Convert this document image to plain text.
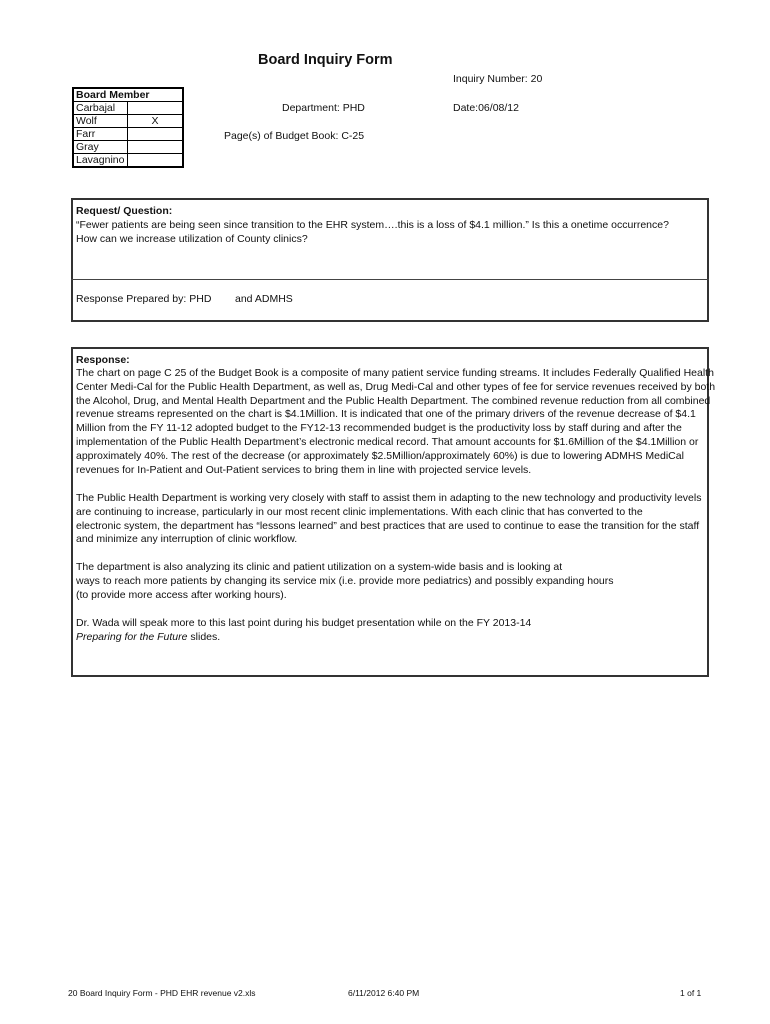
Board Inquiry Form
Inquiry Number: 20
Department: PHD	Date:06/08/12
Page(s) of Budget Book: C-25
Board Member	
Carbajal	
Wolf	X
Farr	
Gray	
Lavagnino	
Request/ Question:
“Fewer patients are being seen since transition to the EHR system….this is a loss of $4.1 million.” Is this a onetime occurrence?
How can we increase utilization of County clinics?
Response Prepared by: PHD and ADMHS
Response:
The chart on page C 25 of the Budget Book is a composite of many patient service funding streams. It includes Federally Qualified Health
Center Medi-Cal for the Public Health Department, as well as, Drug Medi-Cal and other types of fee for service revenues received by both
the Alcohol, Drug, and Mental Health Department and the Public Health Department. The combined revenue reduction from all combined
revenue streams represented on the chart is $4.1Million. It is indicated that one of the primary drivers of the revenue decrease of $4.1
Million from the FY 11-12 adopted budget to the FY12-13 recommended budget is the productivity loss by staff during and after the
implementation of the Public Health Department’s electronic medical record. That amount accounts for $1.6Million of the $4.1Million or
approximately 40%. The rest of the decrease (or approximately $2.5Million/approximately 60%) is due to lowering ADMHS MediCal
revenues for In-Patient and Out-Patient services to bring them in line with projected service levels.
The Public Health Department is working very closely with staff to assist them in adapting to the new technology and productivity levels
are continuing to increase, particularly in our most recent clinic implementations. With each clinic that has converted to the
electronic system, the department has “lessons learned” and best practices that are used to continue to ease the transition for the staff
and minimize any interruption of clinic workflow.
The department is also analyzing its clinic and patient utilization on a system-wide basis and is looking at
ways to reach more patients by changing its service mix (i.e. provide more pediatrics) and possibly expanding hours
(to provide more access after working hours).
Dr. Wada will speak more to this last point during his budget presentation while on the FY 2013-14
Preparing for the Future slides.
20 Board Inquiry Form - PHD EHR revenue v2.xls	6/11/2012 6:40 PM	1 of 1
